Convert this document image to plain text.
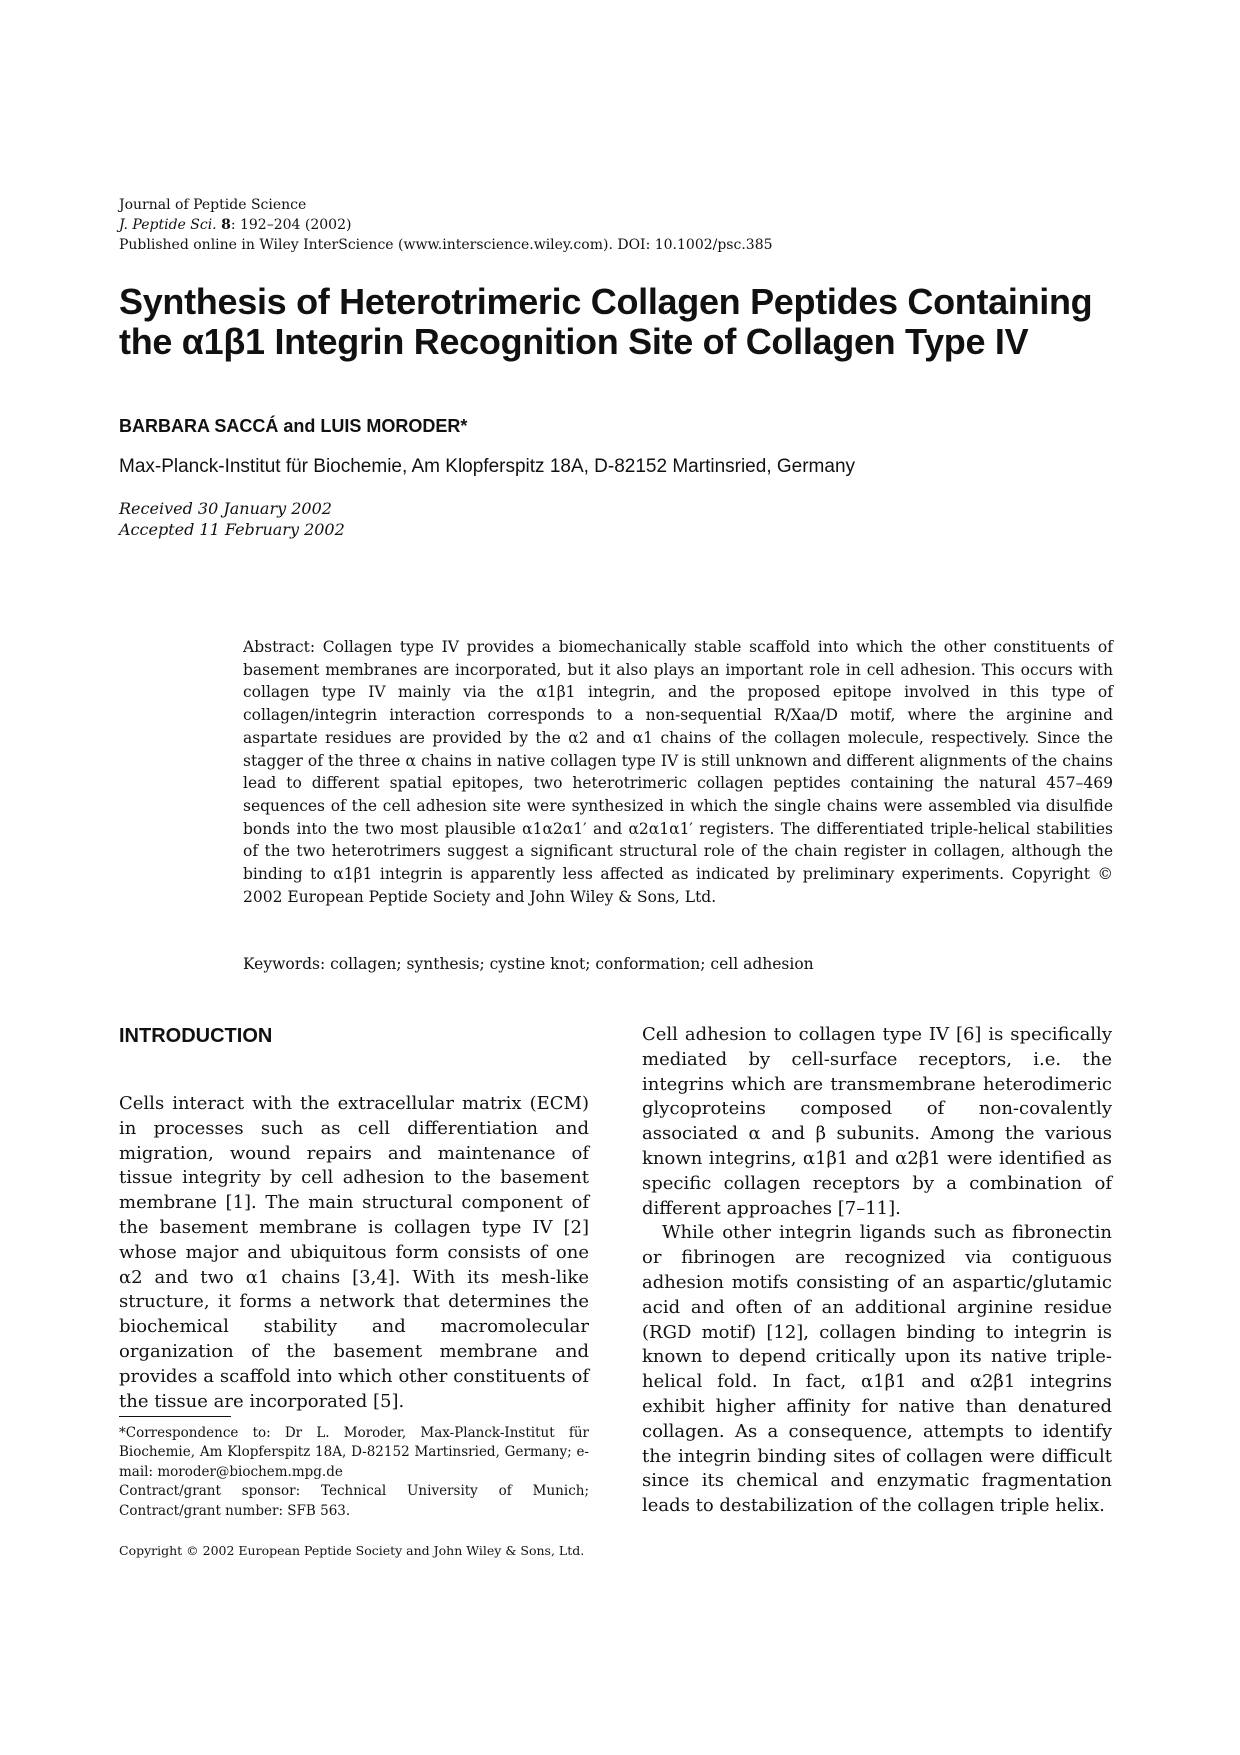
Journal of Peptide Science
J. Peptide Sci. 8: 192–204 (2002)
Published online in Wiley InterScience (www.interscience.wiley.com). DOI: 10.1002/psc.385
Synthesis of Heterotrimeric Collagen Peptides Containing
the α1β1 Integrin Recognition Site of Collagen Type IV
BARBARA SACCÁ and LUIS MORODER*
Max-Planck-Institut für Biochemie, Am Klopferspitz 18A, D-82152 Martinsried, Germany
Received 30 January 2002
Accepted 11 February 2002
Abstract: Collagen type IV provides a biomechanically stable scaffold into which the other constituents of basement membranes are incorporated, but it also plays an important role in cell adhesion. This occurs with collagen type IV mainly via the α1β1 integrin, and the proposed epitope involved in this type of collagen/integrin interaction corresponds to a non-sequential R/Xaa/D motif, where the arginine and aspartate residues are provided by the α2 and α1 chains of the collagen molecule, respectively. Since the stagger of the three α chains in native collagen type IV is still unknown and different alignments of the chains lead to different spatial epitopes, two heterotrimeric collagen peptides containing the natural 457–469 sequences of the cell adhesion site were synthesized in which the single chains were assembled via disulfide bonds into the two most plausible α1α2α1′ and α2α1α1′ registers. The differentiated triple-helical stabilities of the two heterotrimers suggest a significant structural role of the chain register in collagen, although the binding to α1β1 integrin is apparently less affected as indicated by preliminary experiments. Copyright © 2002 European Peptide Society and John Wiley & Sons, Ltd.
Keywords: collagen; synthesis; cystine knot; conformation; cell adhesion
INTRODUCTION
Cells interact with the extracellular matrix (ECM) in processes such as cell differentiation and migration, wound repairs and maintenance of tissue integrity by cell adhesion to the basement membrane [1]. The main structural component of the basement membrane is collagen type IV [2] whose major and ubiquitous form consists of one α2 and two α1 chains [3,4]. With its mesh-like structure, it forms a network that determines the biochemical stability and macromolecular organization of the basement membrane and provides a scaffold into which other constituents of the tissue are incorporated [5].

Cell adhesion to collagen type IV [6] is specifically mediated by cell-surface receptors, i.e. the integrins which are transmembrane heterodimeric glycoproteins composed of non-covalently associated α and β subunits. Among the various known integrins, α1β1 and α2β1 were identified as specific collagen receptors by a combination of different approaches [7–11].

While other integrin ligands such as fibronectin or fibrinogen are recognized via contiguous adhesion motifs consisting of an aspartic/glutamic acid and often of an additional arginine residue (RGD motif) [12], collagen binding to integrin is known to depend critically upon its native triple-helical fold. In fact, α1β1 and α2β1 integrins exhibit higher affinity for native than denatured collagen. As a consequence, attempts to identify the integrin binding sites of collagen were difficult since its chemical and enzymatic fragmentation leads to destabilization of the collagen triple helix.

*Correspondence to: Dr L. Moroder, Max-Planck-Institut für Biochemie, Am Klopferspitz 18A, D-82152 Martinsried, Germany; e-mail: moroder@biochem.mpg.de

Contract/grant sponsor: Technical University of Munich; Contract/grant number: SFB 563.

Copyright © 2002 European Peptide Society and John Wiley & Sons, Ltd.
